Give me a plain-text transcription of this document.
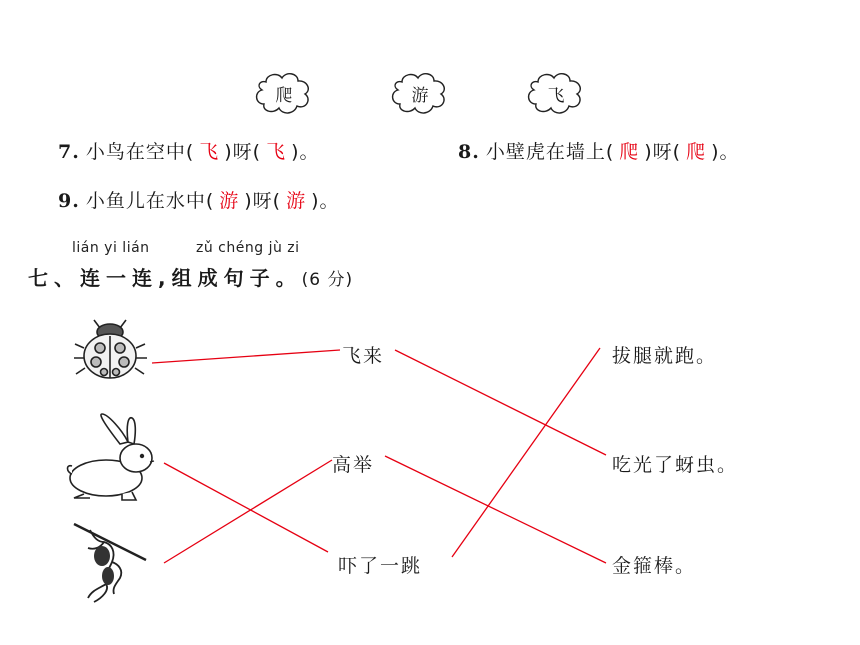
爬	游	飞
7. 小鸟在空中( 飞 )呀( 飞 )。	8. 小壁虎在墙上( 爬 )呀( 爬 )。
9. 小鱼儿在水中( 游 )呀( 游 )。
lián yi lián	zǔ chéng jù zi
七、连一连,组成句子。(6 分)
飞来
高举
吓了一跳
拔腿就跑。
吃光了蚜虫。
金箍棒。
